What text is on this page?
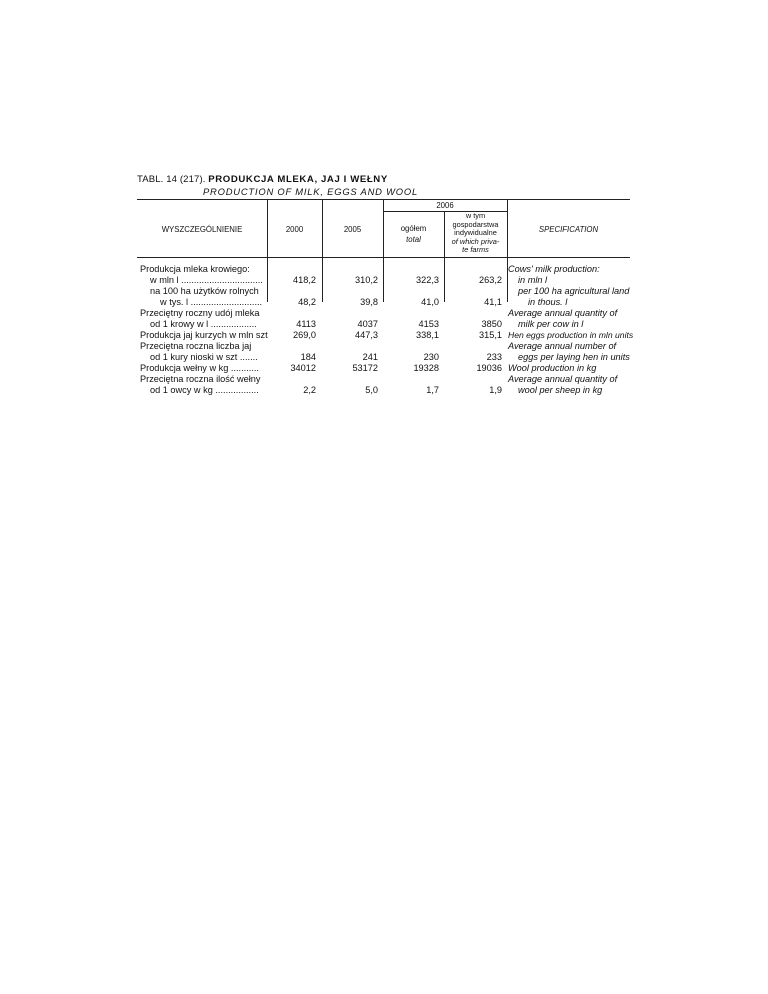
TABL. 14 (217). PRODUKCJA MLEKA, JAJ I WEŁNY
PRODUCTION OF MILK, EGGS AND WOOL
WYSZCZEGÓLNIENIE	2000	2005
2006
ogółem
total
w tym
gospodarstwa
indywidualne
of which priva-
te farms
SPECIFICATION
Produkcja mleka krowiego:
w mln l ................................
na 100 ha użytków rolnych
w tys. l ............................
Przeciętny roczny udój mleka
od 1 krowy w l ..................
Produkcja jaj kurzych w mln szt
Przeciętna roczna liczba jaj
od 1 kury nioski w szt .......
Produkcja wełny w kg ...........
Przeciętna roczna ilość wełny
od 1 owcy w kg .................
418,2
48,2
4113
269,0
184
34012
2,2
310,2
39,8
4037
447,3
241
53172
5,0
322,3
41,0
4153
338,1
230
19328
1,7
263,2
41,1
3850
315,1
233
19036
1,9
Cows' milk production:
in mln l
per 100 ha agricultural land
in thous. l
Average annual quantity of
milk per cow in l
Hen eggs production in mln units
Average annual number of
eggs per laying hen in units
Wool production in kg
Average annual quantity of
wool per sheep in kg
